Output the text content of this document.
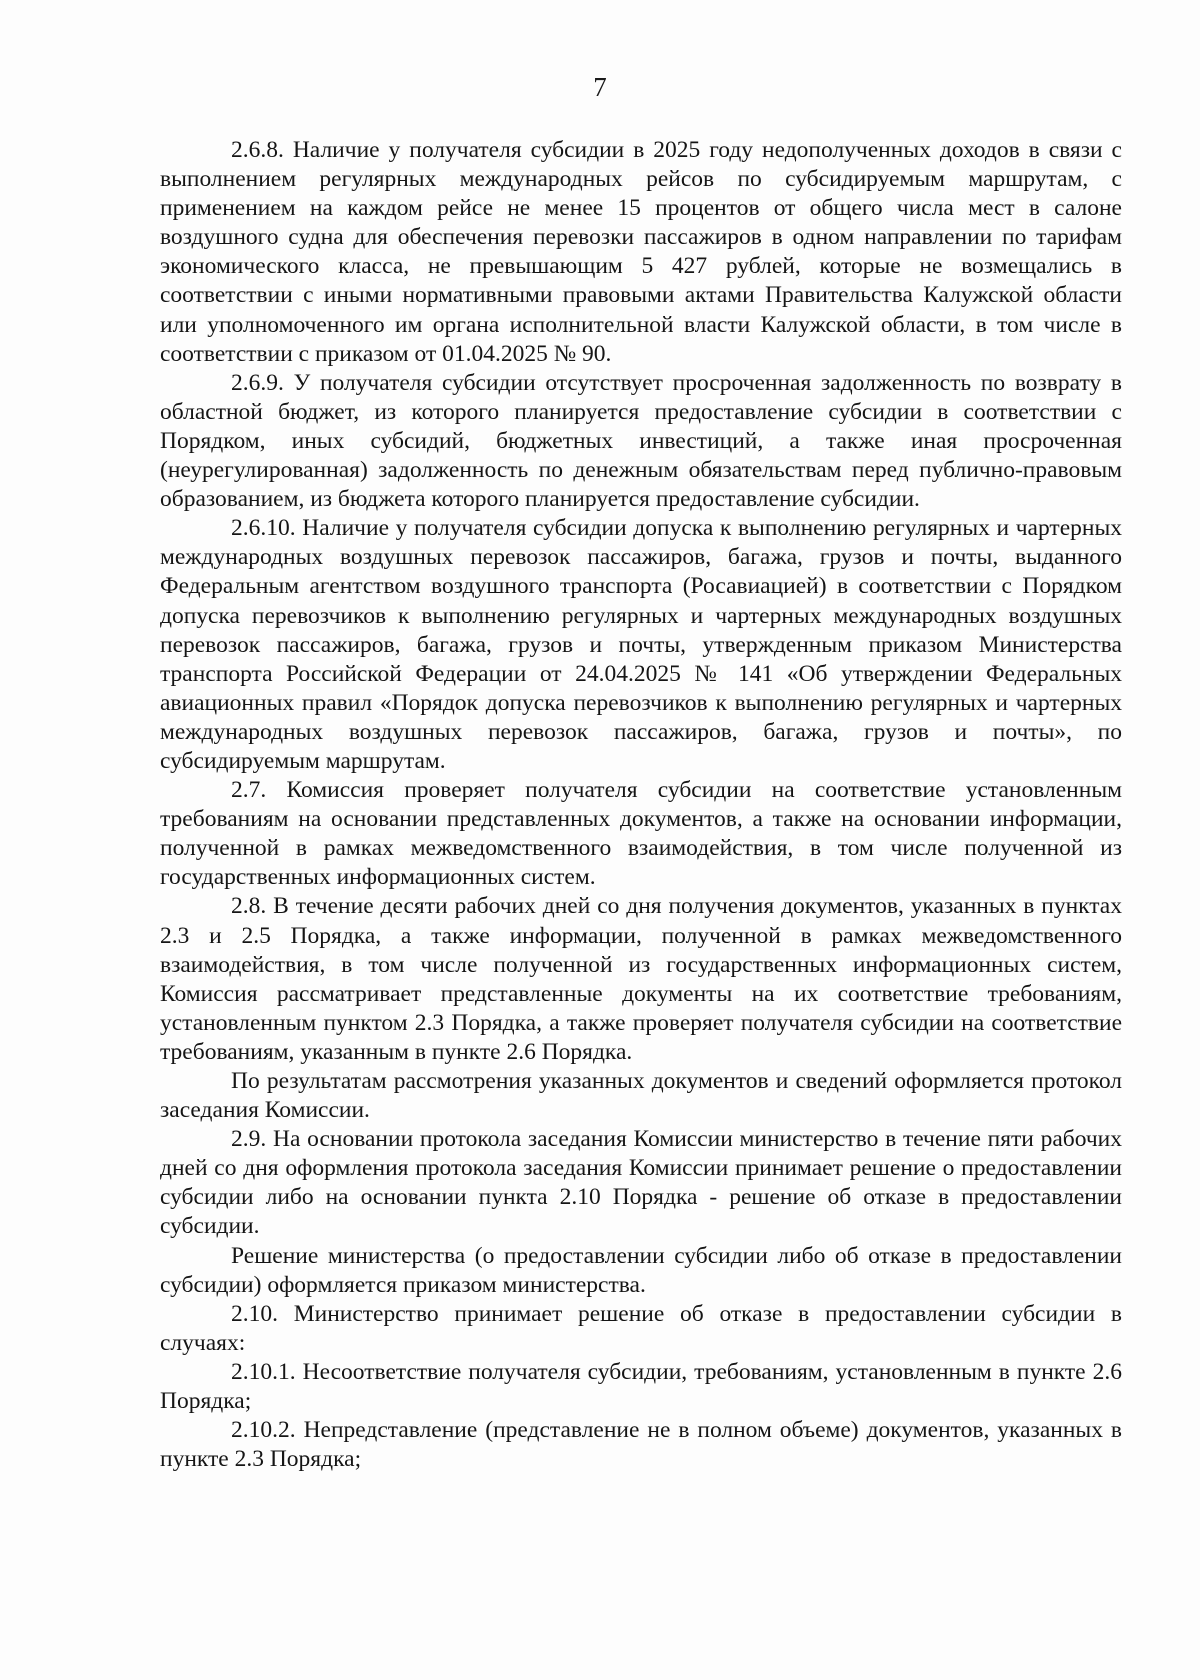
7

2.6.8. Наличие у получателя субсидии в 2025 году недополученных доходов в связи с выполнением регулярных международных рейсов по субсидируемым маршрутам, с применением на каждом рейсе не менее 15 процентов от общего числа мест в салоне воздушного судна для обеспечения перевозки пассажиров в одном направлении по тарифам экономического класса, не превышающим 5 427 рублей, которые не возмещались в соответствии с иными нормативными правовыми актами Правительства Калужской области или уполномоченного им органа исполнительной власти Калужской области, в том числе в соответствии с приказом от 01.04.2025 № 90.

2.6.9. У получателя субсидии отсутствует просроченная задолженность по возврату в областной бюджет, из которого планируется предоставление субсидии в соответствии с Порядком, иных субсидий, бюджетных инвестиций, а также иная просроченная (неурегулированная) задолженность по денежным обязательствам перед публично-правовым образованием, из бюджета которого планируется предоставление субсидии.

2.6.10. Наличие у получателя субсидии допуска к выполнению регулярных и чартерных международных воздушных перевозок пассажиров, багажа, грузов и почты, выданного Федеральным агентством воздушного транспорта (Росавиацией) в соответствии с Порядком допуска перевозчиков к выполнению регулярных и чартерных международных воздушных перевозок пассажиров, багажа, грузов и почты, утвержденным приказом Министерства транспорта Российской Федерации от 24.04.2025 № 141 «Об утверждении Федеральных авиационных правил «Порядок допуска перевозчиков к выполнению регулярных и чартерных международных воздушных перевозок пассажиров, багажа, грузов и почты», по субсидируемым маршрутам.

2.7. Комиссия проверяет получателя субсидии на соответствие установленным требованиям на основании представленных документов, а также на основании информации, полученной в рамках межведомственного взаимодействия, в том числе полученной из государственных информационных систем.

2.8. В течение десяти рабочих дней со дня получения документов, указанных в пунктах 2.3 и 2.5 Порядка, а также информации, полученной в рамках межведомственного взаимодействия, в том числе полученной из государственных информационных систем, Комиссия рассматривает представленные документы на их соответствие требованиям, установленным пунктом 2.3 Порядка, а также проверяет получателя субсидии на соответствие требованиям, указанным в пункте 2.6 Порядка.

По результатам рассмотрения указанных документов и сведений оформляется протокол заседания Комиссии.

2.9. На основании протокола заседания Комиссии министерство в течение пяти рабочих дней со дня оформления протокола заседания Комиссии принимает решение о предоставлении субсидии либо на основании пункта 2.10 Порядка - решение об отказе в предоставлении субсидии.

Решение министерства (о предоставлении субсидии либо об отказе в предоставлении субсидии) оформляется приказом министерства.

2.10. Министерство принимает решение об отказе в предоставлении субсидии в случаях:

2.10.1. Несоответствие получателя субсидии, требованиям, установленным в пункте 2.6 Порядка;

2.10.2. Непредставление (представление не в полном объеме) документов, указанных в пункте 2.3 Порядка;
